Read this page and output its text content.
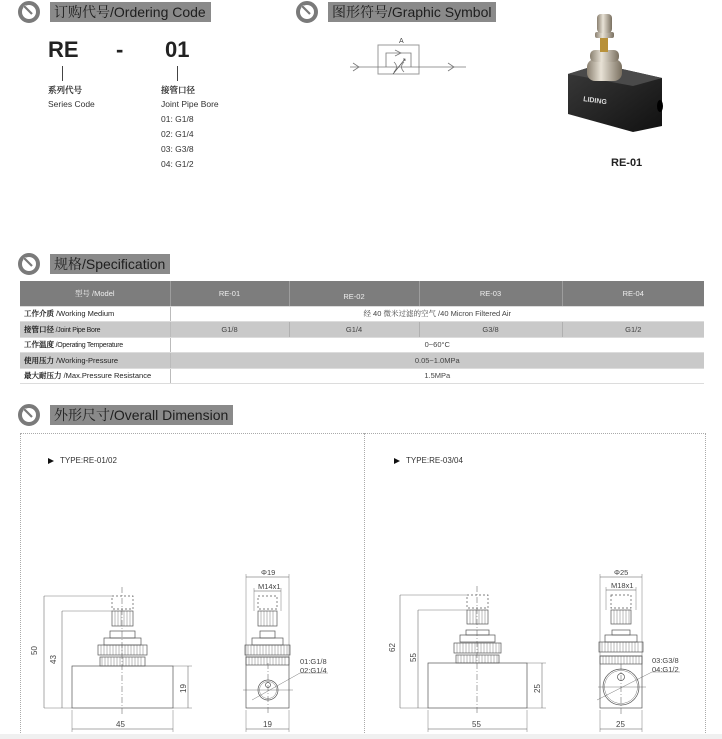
订购代号/Ordering Code
RE - 01
系列代号
Series Code
接管口径
Joint Pipe Bore
01: G1/8
02: G1/4
03: G3/8
04: G1/2
图形符号/Graphic Symbol
A
LIDING
RE-01
规格/Specification
型号 /Model	RE-01	RE-02	RE-03	RE-04
工作介质 /Working Medium	经 40 微米过滤的空气 /40 Micron Filtered Air			
接管口径 /Joint Pipe Bore	G1/8	G1/4	G3/8	G1/2
工作温度 /Operating Temperature	0~60°C			
使用压力 /Working-Pressure	0.05~1.0MPa			
最大耐压力 /Max.Pressure Resistance	1.5MPa			
外形尺寸/Overall Dimension
TYPE:RE-01/02	TYPE:RE-03/04
50
43
19
45
Φ19
M14x1
01:G1/8
02:G1/4
19
62
55
25
55
Φ25
M18x1
03:G3/8
04:G1/2
25
